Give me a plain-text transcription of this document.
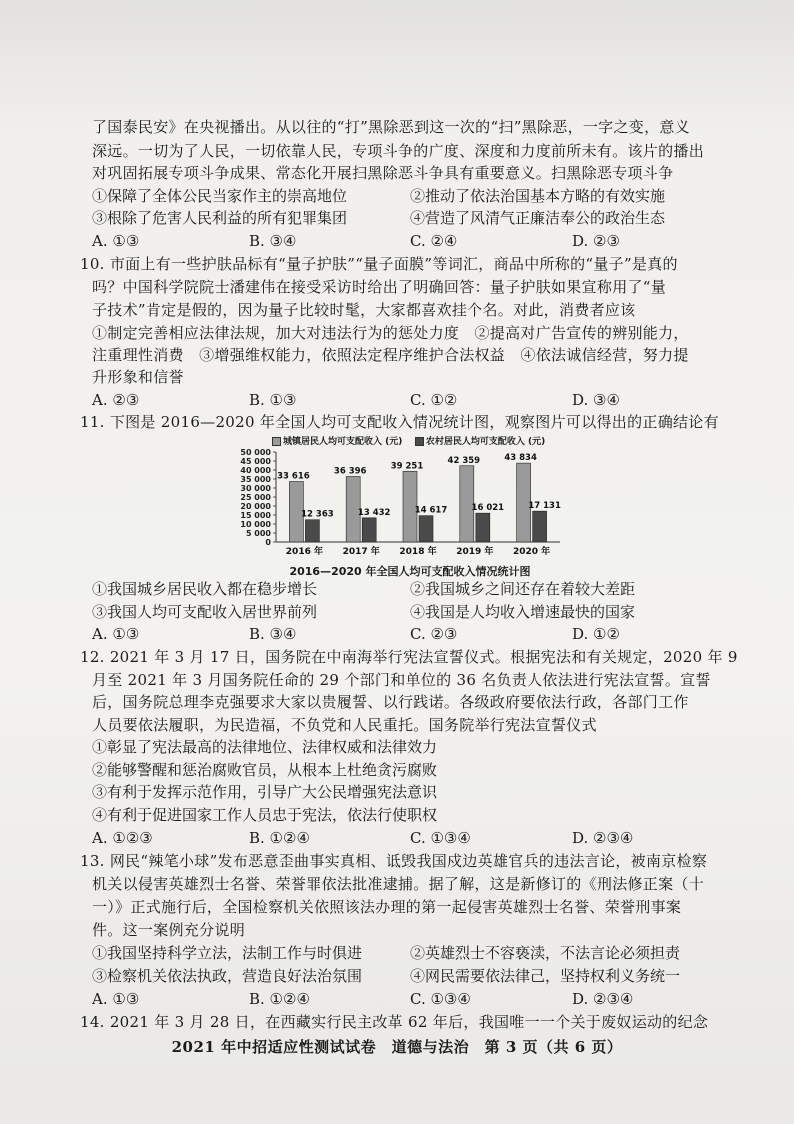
了国泰民安》在央视播出。从以往的“打”黑除恶到这一次的“扫”黑除恶，一字之变，意义
深远。一切为了人民，一切依靠人民，专项斗争的广度、深度和力度前所未有。该片的播出
对巩固拓展专项斗争成果、常态化开展扫黑除恶斗争具有重要意义。扫黑除恶专项斗争
①保障了全体公民当家作主的崇高地位	②推动了依法治国基本方略的有效实施
③根除了危害人民利益的所有犯罪集团	④营造了风清气正廉洁奉公的政治生态
A. ①③	B. ③④	C. ②④	D. ②③
10. 市面上有一些护肤品标有“量子护肤”“量子面膜”等词汇，商品中所称的“量子”是真的
吗？中国科学院院士潘建伟在接受采访时给出了明确回答：量子护肤如果宣称用了“量
子技术”肯定是假的，因为量子比较时髦，大家都喜欢挂个名。对此，消费者应该
①制定完善相应法律法规，加大对违法行为的惩处力度　②提高对广告宣传的辨别能力，
注重理性消费　③增强维权能力，依照法定程序维护合法权益　④依法诚信经营，努力提
升形象和信誉
A. ②③	B. ①③	C. ①②	D. ③④
11. 下图是 2016—2020 年全国人均可支配收入情况统计图，观察图片可以得出的正确结论有
城镇居民人均可支配收入 (元)	农村居民人均可支配收入 (元)
0
5 000
10 000
15 000
20 000
25 000
30 000
35 000
40 000
45 000
50 000
33 616
12 363
2016 年
36 396
13 432
2017 年
39 251
14 617
2018 年
42 359
16 021
2019 年
43 834
17 131
2020 年
2016—2020 年全国人均可支配收入情况统计图
①我国城乡居民收入都在稳步增长	②我国城乡之间还存在着较大差距
③我国人均可支配收入居世界前列	④我国是人均收入增速最快的国家
A. ①③	B. ③④	C. ②③	D. ①②
12. 2021 年 3 月 17 日，国务院在中南海举行宪法宣誓仪式。根据宪法和有关规定，2020 年 9
月至 2021 年 3 月国务院任命的 29 个部门和单位的 36 名负责人依法进行宪法宣誓。宣誓
后，国务院总理李克强要求大家以贵履誓、以行践诺。各级政府要依法行政，各部门工作
人员要依法履职，为民造福，不负党和人民重托。国务院举行宪法宣誓仪式
①彰显了宪法最高的法律地位、法律权威和法律效力
②能够警醒和惩治腐败官员，从根本上杜绝贪污腐败
③有利于发挥示范作用，引导广大公民增强宪法意识
④有利于促进国家工作人员忠于宪法，依法行使职权
A. ①②③	B. ①②④	C. ①③④	D. ②③④
13. 网民“辣笔小球”发布恶意歪曲事实真相、诋毁我国戍边英雄官兵的违法言论，被南京检察
机关以侵害英雄烈士名誉、荣誉罪依法批准逮捕。据了解，这是新修订的《刑法修正案（十
一）》正式施行后，全国检察机关依照该法办理的第一起侵害英雄烈士名誉、荣誉刑事案
件。这一案例充分说明
①我国坚持科学立法，法制工作与时俱进	②英雄烈士不容亵渎，不法言论必须担责
③检察机关依法执政，营造良好法治氛围	④网民需要依法律己，坚持权利义务统一
A. ①③	B. ①②④	C. ①③④	D. ②③④
14. 2021 年 3 月 28 日，在西藏实行民主改革 62 年后，我国唯一一个关于废奴运动的纪念
2021 年中招适应性测试试卷　道德与法治　第 3 页（共 6 页）
